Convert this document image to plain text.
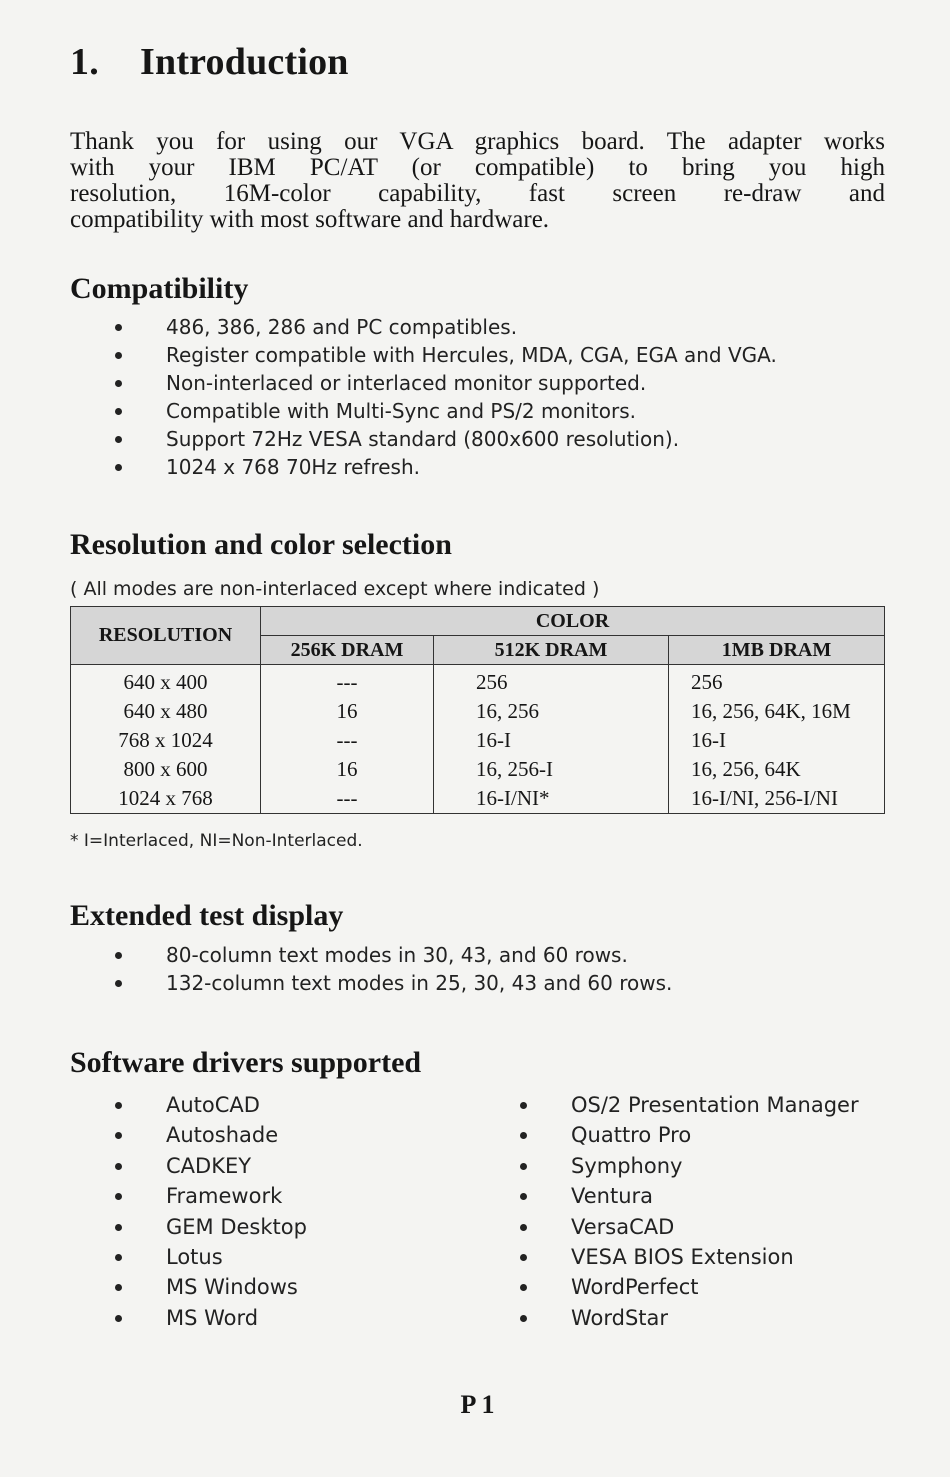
1. Introduction
Thank you for using our VGA graphics board. The adapter works
with your IBM PC/AT (or compatible) to bring you high
resolution, 16M-color capability, fast screen re-draw and
compatibility with most software and hardware.
Compatibility
486, 386, 286 and PC compatibles.
Register compatible with Hercules, MDA, CGA, EGA and VGA.
Non-interlaced or interlaced monitor supported.
Compatible with Multi-Sync and PS/2 monitors.
Support 72Hz VESA standard (800x600 resolution).
1024 x 768 70Hz refresh.
Resolution and color selection
( All modes are non-interlaced except where indicated )
RESOLUTION	COLOR		
	256K DRAM	512K DRAM	1MB DRAM
640 x 400	---	256	256
640 x 480	16	16, 256	16, 256, 64K, 16M
768 x 1024	---	16-I	16-I
800 x 600	16	16, 256-I	16, 256, 64K
1024 x 768	---	16-I/NI*	16-I/NI, 256-I/NI
* I=Interlaced, NI=Non-Interlaced.
Extended test display
80-column text modes in 30, 43, and 60 rows.
132-column text modes in 25, 30, 43 and 60 rows.
Software drivers supported
AutoCAD
Autoshade
CADKEY
Framework
GEM Desktop
Lotus
MS Windows
MS Word
OS/2 Presentation Manager
Quattro Pro
Symphony
Ventura
VersaCAD
VESA BIOS Extension
WordPerfect
WordStar
P 1
